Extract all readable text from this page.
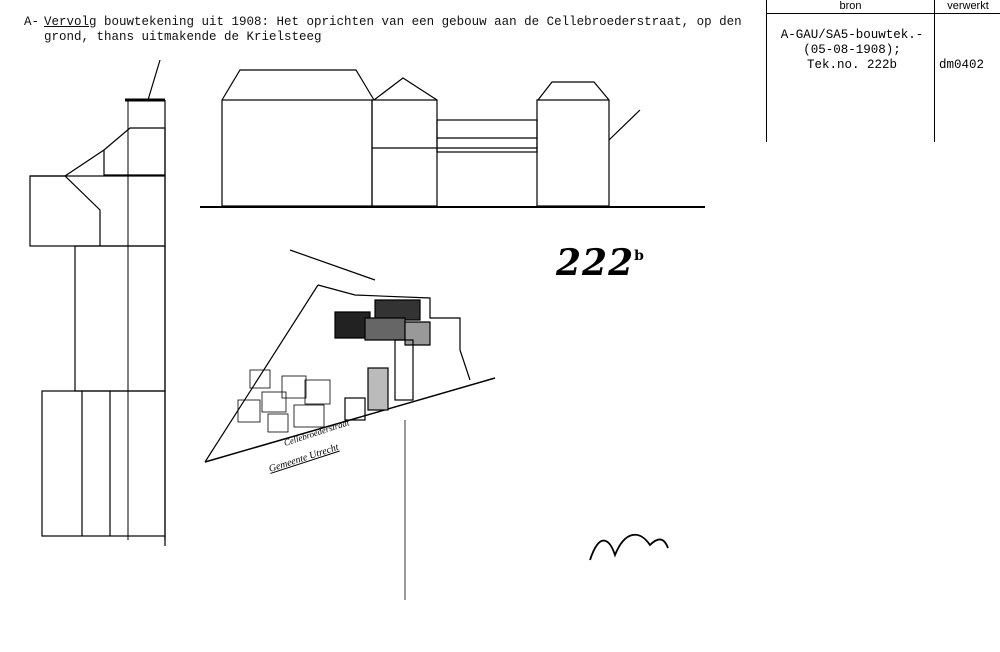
A- Vervolg bouwtekening uit 1908: Het oprichten van een gebouw aan de Cellebroederstraat, op den
grond, thans uitmakende de Krielsteeg
bron	verwerkt
A-GAU/SA5-bouwtek.-
(05-08-1908);
Tek.no. 222b	dm0402
Cellebroederstraat
Gemeente Utrecht
222$^b$
